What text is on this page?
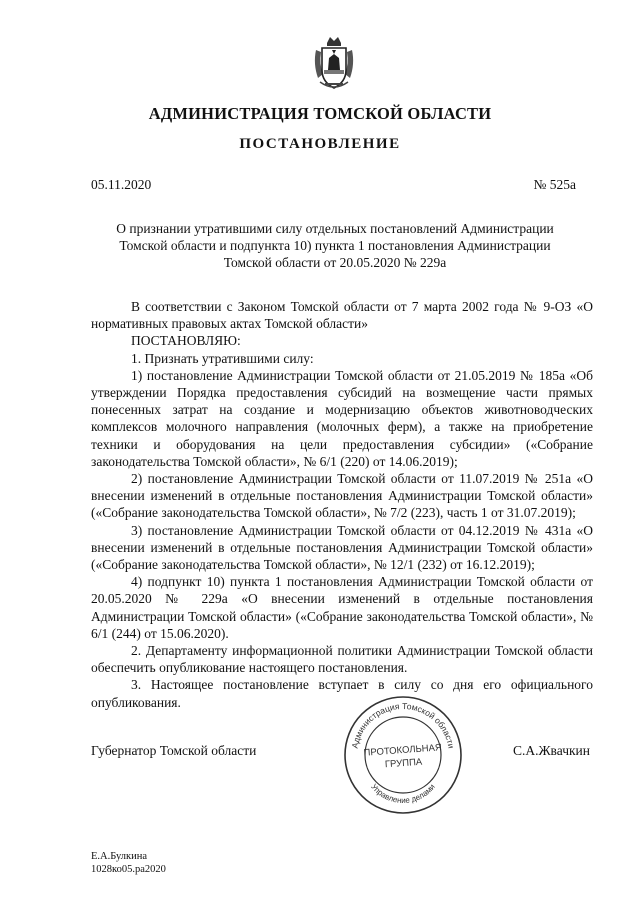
АДМИНИСТРАЦИЯ ТОМСКОЙ ОБЛАСТИ
ПОСТАНОВЛЕНИЕ
05.11.2020	№ 525а
О признании утратившими силу отдельных постановлений Администрации
Томской области и подпункта 10) пункта 1 постановления Администрации
Томской области от 20.05.2020 № 229а

В соответствии с Законом Томской области от 7 марта 2002 года № 9-ОЗ «О нормативных правовых актах Томской области»

ПОСТАНОВЛЯЮ:

1. Признать утратившими силу:

1) постановление Администрации Томской области от 21.05.2019 № 185а «Об утверждении Порядка предоставления субсидий на возмещение части прямых понесенных затрат на создание и модернизацию объектов животноводческих комплексов молочного направления (молочных ферм), а также на приобретение техники и оборудования на цели предоставления субсидии» («Собрание законодательства Томской области», № 6/1 (220) от 14.06.2019);

2) постановление Администрации Томской области от 11.07.2019 № 251а «О внесении изменений в отдельные постановления Администрации Томской области» («Собрание законодательства Томской области», № 7/2 (223), часть 1 от 31.07.2019);

3) постановление Администрации Томской области от 04.12.2019 № 431а «О внесении изменений в отдельные постановления Администрации Томской области» («Собрание законодательства Томской области», № 12/1 (232) от 16.12.2019);

4) подпункт 10) пункта 1 постановления Администрации Томской области от 20.05.2020 № 229а «О внесении изменений в отдельные постановления Администрации Томской области» («Собрание законодательства Томской области», № 6/1 (244) от 15.06.2020).

2. Департаменту информационной политики Администрации Томской области обеспечить опубликование настоящего постановления.

3. Настоящее постановление вступает в силу со дня его официального опубликования.

Администрация Томской области
Управление делами
ПРОТОКОЛЬНАЯ
ГРУППА
Губернатор Томской области	С.А.Жвачкин
Е.А.Булкина
1028ко05.ра2020
